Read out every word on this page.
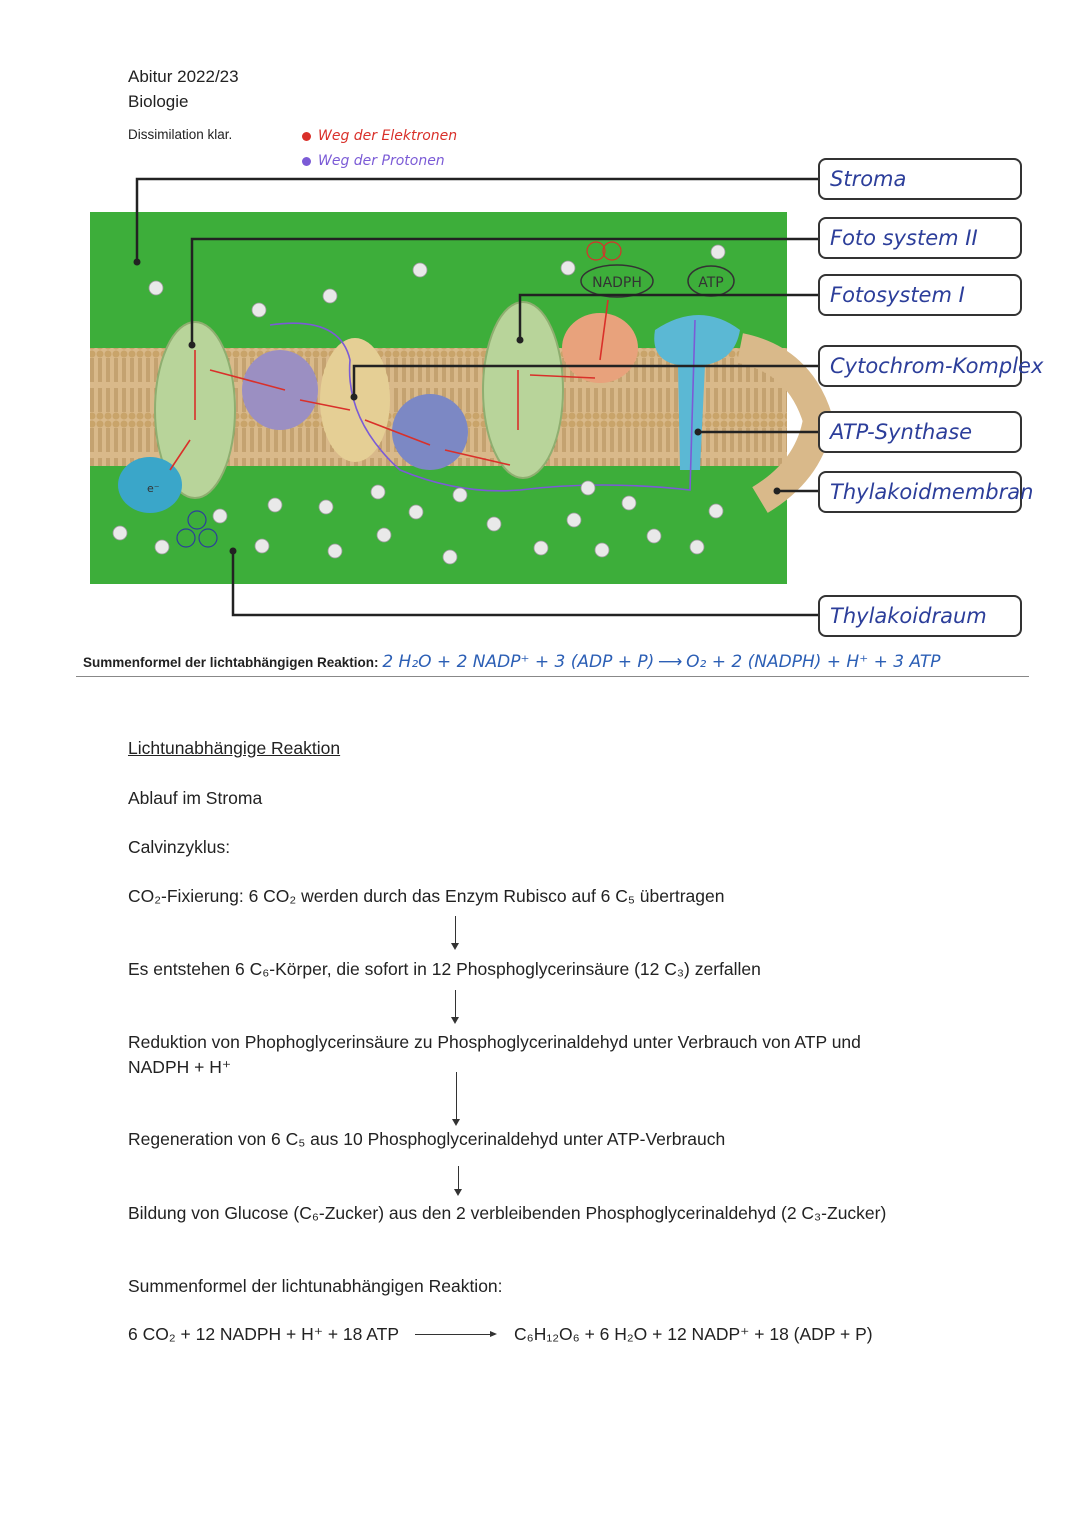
Abitur 2022/23
Biologie
Dissimilation klar.	Weg der Elektronen
Weg der Protonen
NADPH	ATP
e⁻
Stroma
Foto system II
Fotosystem I
Cytochrom-Komplex
ATP-Synthase
Thylakoidmembran
Thylakoidraum
Summenformel der lichtabhängigen Reaktion: 2 H₂O + 2 NADP⁺ + 3 (ADP + P) ⟶ O₂ + 2 (NADPH) + H⁺ + 3 ATP
Lichtunabhängige Reaktion
Ablauf im Stroma
Calvinzyklus:
CO₂-Fixierung: 6 CO₂ werden durch das Enzym Rubisco auf 6 C₅ übertragen
Es entstehen 6 C₆-Körper, die sofort in 12 Phosphoglycerinsäure (12 C₃) zerfallen
Reduktion von Phophoglycerinsäure zu Phosphoglycerinaldehyd unter Verbrauch von ATP und
NADPH + H⁺
Regeneration von 6 C₅ aus 10 Phosphoglycerinaldehyd unter ATP-Verbrauch
Bildung von Glucose (C₆-Zucker) aus den 2 verbleibenden Phosphoglycerinaldehyd (2 C₃-Zucker)
Summenformel der lichtunabhängigen Reaktion:
6 CO₂ + 12 NADPH + H⁺ + 18 ATP	C₆H₁₂O₆ + 6 H₂O + 12 NADP⁺ + 18 (ADP + P)
